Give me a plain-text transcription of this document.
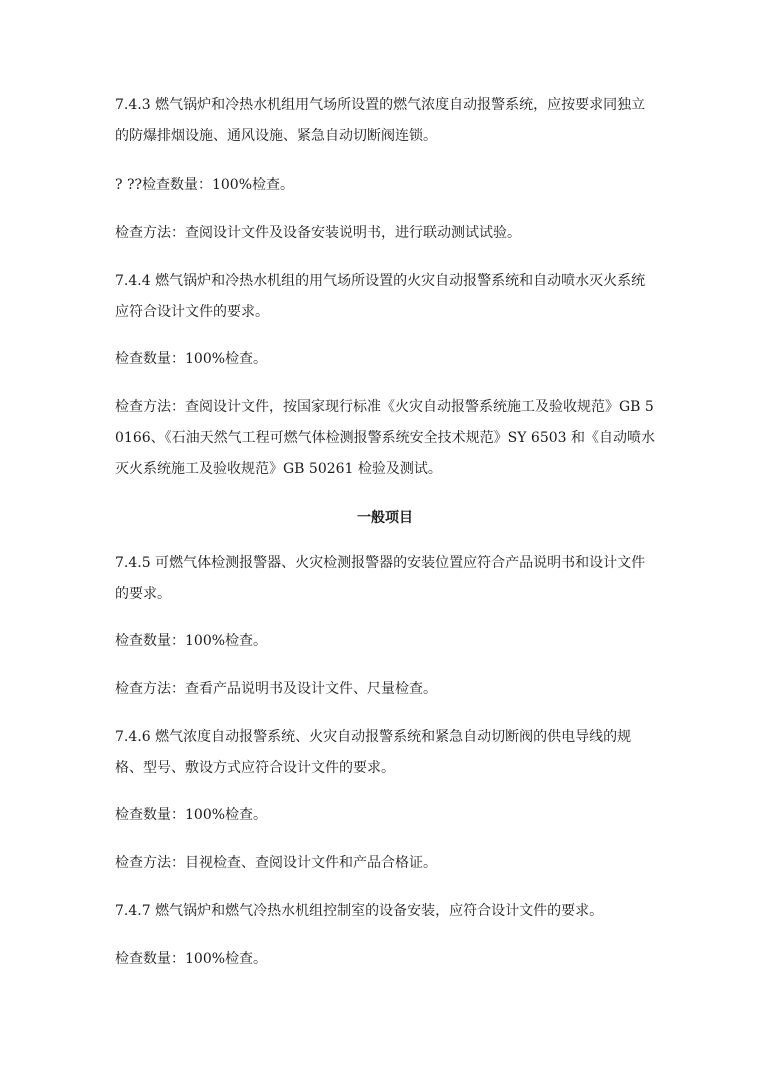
7.4.3 燃气锅炉和冷热水机组用气场所设置的燃气浓度自动报警系统，应按要求同独立的防爆排烟设施、通风设施、紧急自动切断阀连锁。

? ??检查数量：100%检查。

检查方法：查阅设计文件及设备安装说明书，进行联动测试试验。

7.4.4 燃气锅炉和冷热水机组的用气场所设置的火灾自动报警系统和自动喷水灭火系统应符合设计文件的要求。

检查数量：100%检查。

检查方法：查阅设计文件，按国家现行标准《火灾自动报警系统施工及验收规范》GB 50166、《石油天然气工程可燃气体检测报警系统安全技术规范》SY 6503 和《自动喷水灭火系统施工及验收规范》GB 50261 检验及测试。

一般项目

7.4.5 可燃气体检测报警器、火灾检测报警器的安装位置应符合产品说明书和设计文件的要求。

检查数量：100%检查。

检查方法：查看产品说明书及设计文件、尺量检查。

7.4.6 燃气浓度自动报警系统、火灾自动报警系统和紧急自动切断阀的供电导线的规格、型号、敷设方式应符合设计文件的要求。

检查数量：100%检查。

检查方法：目视检查、查阅设计文件和产品合格证。

7.4.7 燃气锅炉和燃气冷热水机组控制室的设备安装，应符合设计文件的要求。

检查数量：100%检查。
